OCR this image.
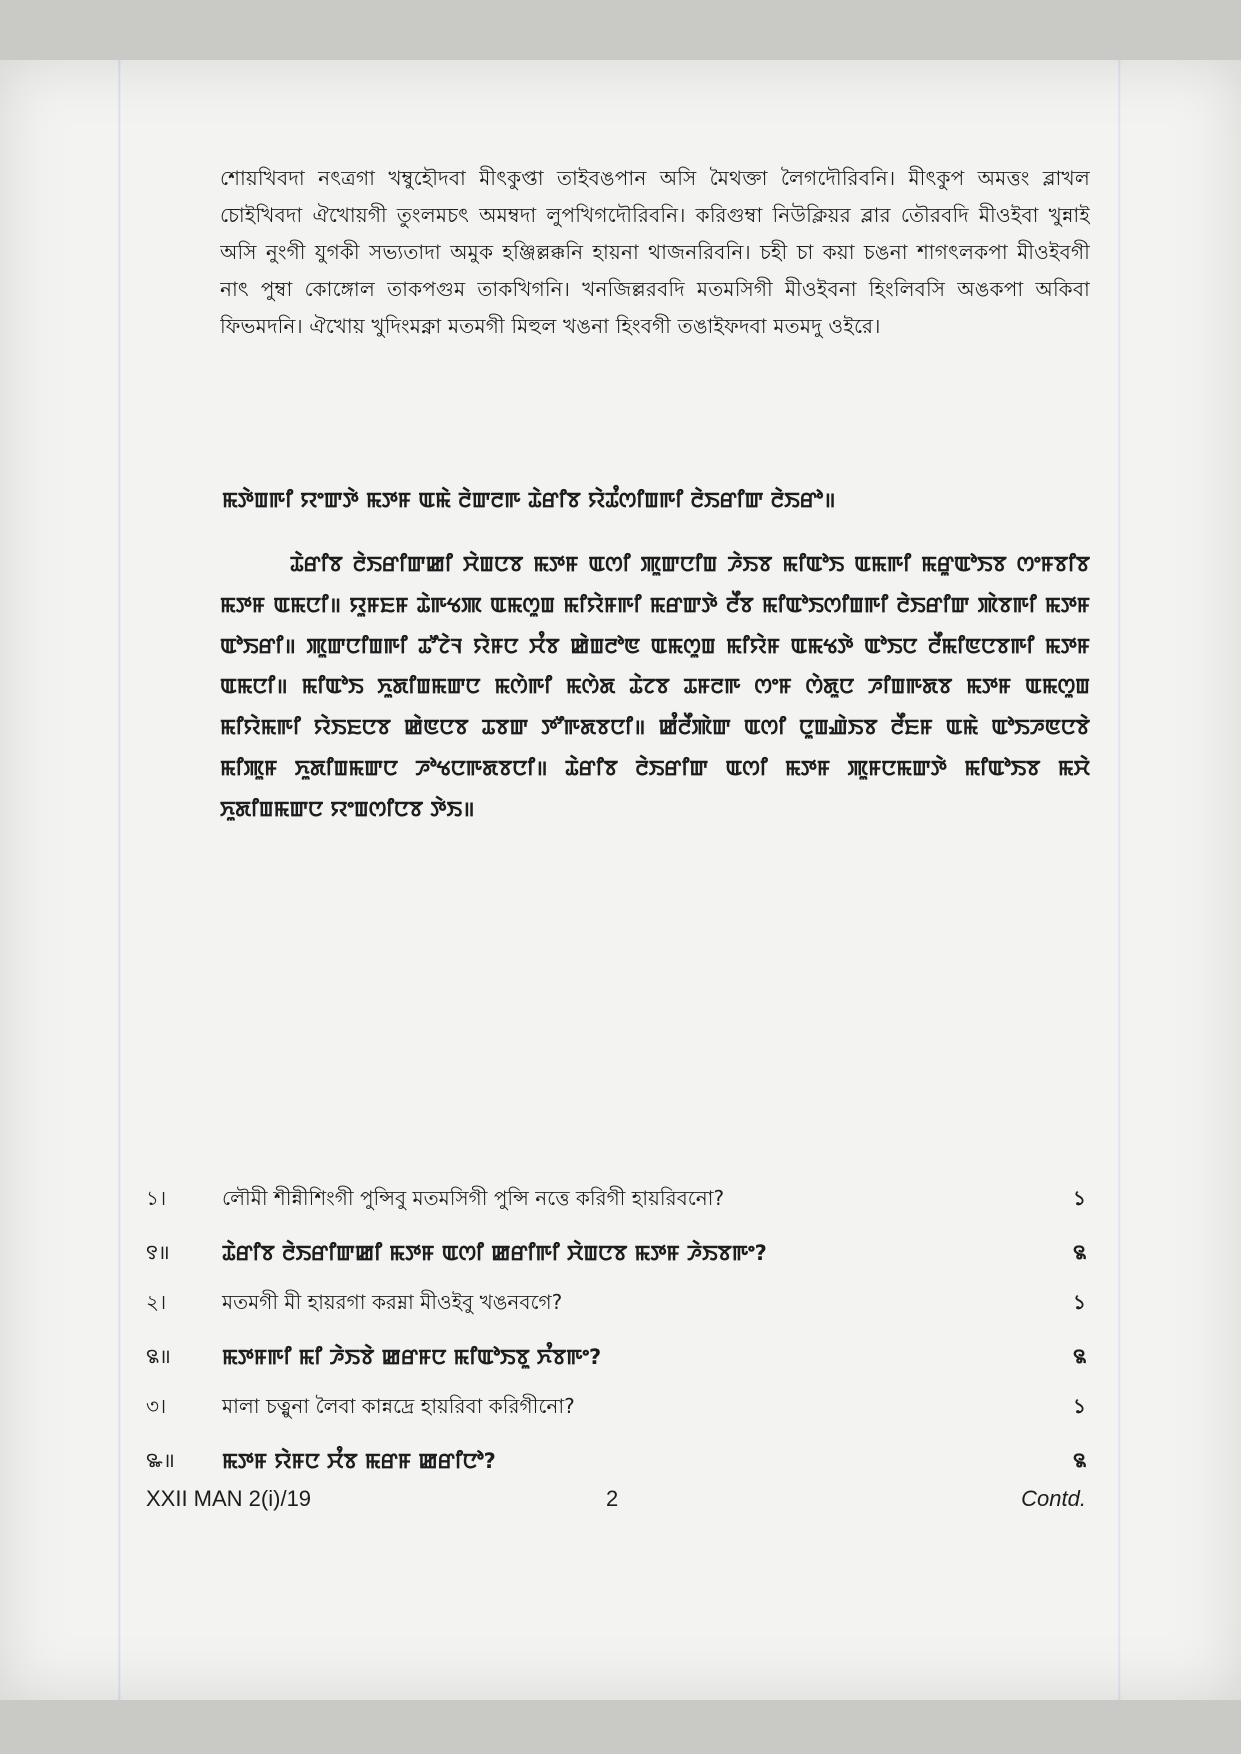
শোয়খিবদা নৎত্রগা খম্বুহৌদবা মীৎকুপ্তা তাইবঙপান অসি মৈথক্তা লৈগদৌরিবনি। মীৎকুপ অমত্তং ব্লাখল চোইখিবদা ঐখোয়গী তুংলমচৎ অমম্বদা লুপখিগদৌরিবনি। করিগুম্বা নিউক্লিয়র ব্লার তৌরবদি মীওইবা খুন্নাই অসি নুংগী যুগকী সভ্যতাদা অমুক হঞ্জিল্লক্কনি হায়না থাজনরিবনি। চহী চা কয়া চঙনা শাগৎলকপা মীওইবগী নাৎ পুম্বা কোঙ্গোল তাকপগুম তাকখিগনি। খনজিল্লরবদি মতমসিগী মীওইবনা হিংলিবসি অঙকপা অকিবা ফিভমদনি। ঐখোয় খুদিংমক্না মতমগী মিহুল খঙনা হিংবগী তঙাইফদবা মতমদু ওইরে।

ꯃꯇꯥꯡꯒꯤ ꯌꯦꯛꯇꯥ ꯃꯇꯝ ꯑꯃꯥ ꯂꯥꯛꯂꯒ ꯊꯥꯔꯤꯕ ꯌꯥꯊꯪꯁꯤꯡꯒꯤ ꯂꯥꯏꯔꯤꯛ ꯂꯥꯏꯔꯣ॥

ꯊꯥꯔꯤꯕ ꯂꯥꯏꯔꯤꯛꯀꯤ ꯆꯥꯡꯅꯕ ꯃꯇꯝ ꯑꯁꯤ ꯄꯨꯛꯅꯤꯡ ꯍꯥꯏꯕ ꯃꯤꯑꯣꯏ ꯑꯃꯒꯤ ꯃꯔꯨꯑꯣꯏꯕ ꯁꯦꯝꯕꯤꯕ ꯃꯇꯝ ꯑꯃꯅꯤ॥ ꯌꯨꯝꯐꯝ ꯊꯥꯒꯠꯄ ꯑꯃꯁꯨꯡ ꯃꯤꯌꯥꯝꯒꯤ ꯃꯔꯛꯇꯥ ꯂꯩꯕ ꯃꯤꯑꯣꯏꯁꯤꯡꯒꯤ ꯂꯥꯏꯔꯤꯛ ꯄꯥꯕꯒꯤ ꯃꯇꯝ ꯑꯣꯏꯔꯤ॥ ꯄꯨꯛꯅꯤꯡꯒꯤ ꯊꯧꯖꯥꯜ ꯌꯥꯝꯅ ꯆꯪꯕ ꯀꯥꯡꯂꯣꯟ ꯑꯃꯁꯨꯡ ꯃꯤꯌꯥꯝ ꯑꯃꯠꯇꯥ ꯑꯣꯏꯅ ꯂꯩꯃꯤꯟꯅꯕꯒꯤ ꯃꯇꯝ ꯑꯃꯅꯤ॥ ꯃꯤꯑꯣꯏ ꯈꯨꯗꯤꯡꯃꯛꯅ ꯃꯁꯥꯒꯤ ꯃꯁꯥꯗ ꯊꯥꯖꯕ ꯊꯝꯂꯒ ꯁꯦꯝ ꯁꯥꯗꯨꯅ ꯍꯤꯡꯒꯗꯕ ꯃꯇꯝ ꯑꯃꯁꯨꯡ ꯃꯤꯌꯥꯃꯒꯤ ꯌꯥꯏꯐꯅꯕ ꯀꯥꯟꯅꯕ ꯊꯕꯛ ꯇꯧꯒꯗꯕꯅꯤ॥ ꯀꯪꯂꯩꯄꯥꯛ ꯑꯁꯤ ꯅꯨꯡꯉꯥꯏꯕ ꯂꯩꯐꯝ ꯑꯃꯥ ꯑꯣꯏꯍꯟꯅꯕꯥ ꯃꯤꯄꯨꯝ ꯈꯨꯗꯤꯡꯃꯛꯅ ꯍꯣꯠꯅꯒꯗꯕꯅꯤ॥ ꯊꯥꯔꯤꯕ ꯂꯥꯏꯔꯤꯛ ꯑꯁꯤ ꯃꯇꯝ ꯄꯨꯝꯅꯃꯛꯇꯥ ꯃꯤꯑꯣꯏꯕ ꯃꯆꯥ ꯈꯨꯗꯤꯡꯃꯛꯅ ꯌꯦꯡꯁꯤꯅꯕ ꯇꯥꯏ॥

১।	লৌমী শীন্নীশিংগী পুন্সিবু মতমসিগী পুন্সি নত্তে করিগী হায়রিবনো?	১
꯱॥	ꯊꯥꯔꯤꯕ ꯂꯥꯏꯔꯤꯛꯀꯤ ꯃꯇꯝ ꯑꯁꯤ ꯀꯔꯤꯒꯤ ꯆꯥꯡꯅꯕ ꯃꯇꯝ ꯍꯥꯏꯕꯒꯦ?	꯲
২।	মতমগী মী হায়রগা করম্না মীওইবু খঙনবগে?	১
꯲॥	ꯃꯇꯝꯒꯤ ꯃꯤ ꯍꯥꯏꯕꯥ ꯀꯔꯝꯅ ꯃꯤꯑꯣꯏꯕꯨ ꯈꯪꯕꯒꯦ?	꯲
৩।	মালা চত্নুনা লৈবা কান্নদ্রে হায়রিবা করিগীনো?	১
꯳॥	ꯃꯇꯝ ꯌꯥꯝꯅ ꯆꯪꯕ ꯃꯔꯝ ꯀꯔꯤꯅꯣ?	꯲
XXII MAN 2(i)/19	2	Contd.
